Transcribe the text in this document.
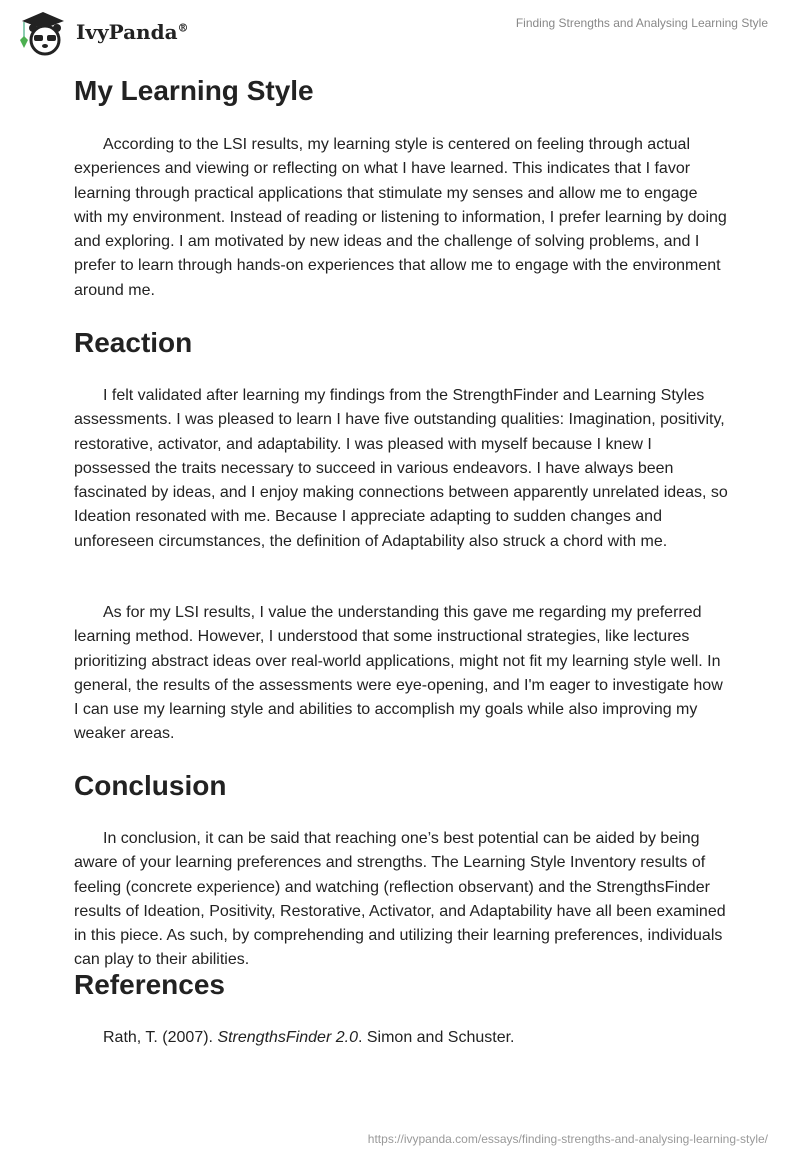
IvyPanda®	Finding Strengths and Analysing Learning Style
My Learning Style

According to the LSI results, my learning style is centered on feeling through actual experiences and viewing or reflecting on what I have learned. This indicates that I favor learning through practical applications that stimulate my senses and allow me to engage with my environment. Instead of reading or listening to information, I prefer learning by doing and exploring. I am motivated by new ideas and the challenge of solving problems, and I prefer to learn through hands-on experiences that allow me to engage with the environment around me.

Reaction

I felt validated after learning my findings from the StrengthFinder and Learning Styles assessments. I was pleased to learn I have five outstanding qualities: Imagination, positivity, restorative, activator, and adaptability. I was pleased with myself because I knew I possessed the traits necessary to succeed in various endeavors. I have always been fascinated by ideas, and I enjoy making connections between apparently unrelated ideas, so Ideation resonated with me. Because I appreciate adapting to sudden changes and unforeseen circumstances, the definition of Adaptability also struck a chord with me.

As for my LSI results, I value the understanding this gave me regarding my preferred learning method. However, I understood that some instructional strategies, like lectures prioritizing abstract ideas over real-world applications, might not fit my learning style well. In general, the results of the assessments were eye-opening, and I'm eager to investigate how I can use my learning style and abilities to accomplish my goals while also improving my weaker areas.

Conclusion

In conclusion, it can be said that reaching one’s best potential can be aided by being aware of your learning preferences and strengths. The Learning Style Inventory results of feeling (concrete experience) and watching (reflection observant) and the StrengthsFinder results of Ideation, Positivity, Restorative, Activator, and Adaptability have all been examined in this piece. As such, by comprehending and utilizing their learning preferences, individuals can play to their abilities.

References

Rath, T. (2007). StrengthsFinder 2.0. Simon and Schuster.

https://ivypanda.com/essays/finding-strengths-and-analysing-learning-style/
